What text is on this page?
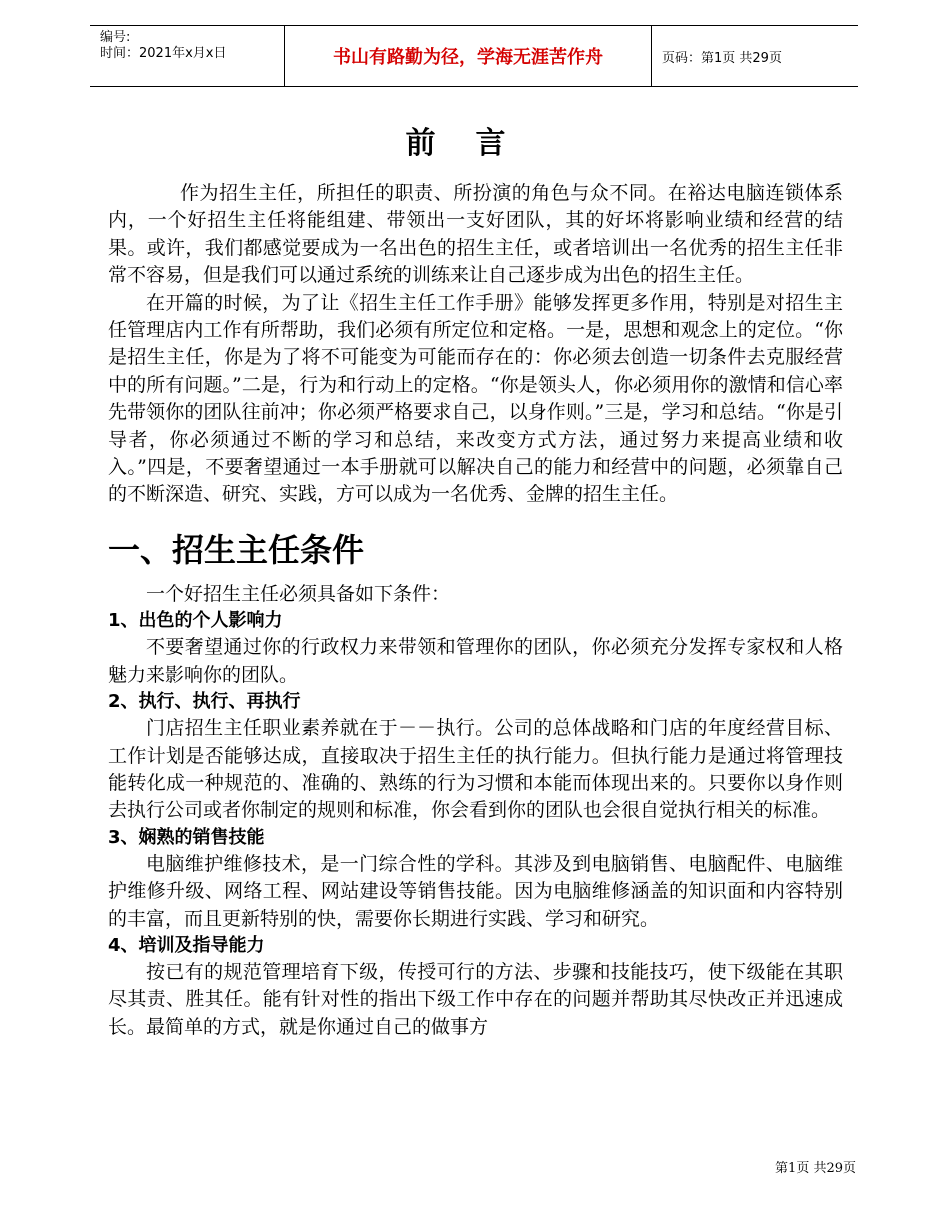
编号:
时间：2021年x月x日	书山有路勤为径，学海无涯苦作舟	页码：第1页 共29页
前言

作为招生主任，所担任的职责、所扮演的角色与众不同。在裕达电脑连锁体系内，一个好招生主任将能组建、带领出一支好团队，其的好坏将影响业绩和经营的结果。或许，我们都感觉要成为一名出色的招生主任，或者培训出一名优秀的招生主任非常不容易，但是我们可以通过系统的训练来让自己逐步成为出色的招生主任。

在开篇的时候，为了让《招生主任工作手册》能够发挥更多作用，特别是对招生主任管理店内工作有所帮助，我们必须有所定位和定格。一是，思想和观念上的定位。“你是招生主任，你是为了将不可能变为可能而存在的：你必须去创造一切条件去克服经营中的所有问题。”二是，行为和行动上的定格。“你是领头人，你必须用你的激情和信心率先带领你的团队往前冲；你必须严格要求自己，以身作则。”三是，学习和总结。“你是引导者，你必须通过不断的学习和总结，来改变方式方法，通过努力来提高业绩和收入。”四是，不要奢望通过一本手册就可以解决自己的能力和经营中的问题，必须靠自己的不断深造、研究、实践，方可以成为一名优秀、金牌的招生主任。

一、招生主任条件

一个好招生主任必须具备如下条件：

1、出色的个人影响力

不要奢望通过你的行政权力来带领和管理你的团队，你必须充分发挥专家权和人格魅力来影响你的团队。

2、执行、执行、再执行

门店招生主任职业素养就在于－－执行。公司的总体战略和门店的年度经营目标、工作计划是否能够达成，直接取决于招生主任的执行能力。但执行能力是通过将管理技能转化成一种规范的、准确的、熟练的行为习惯和本能而体现出来的。只要你以身作则去执行公司或者你制定的规则和标准，你会看到你的团队也会很自觉执行相关的标准。

3、娴熟的销售技能

电脑维护维修技术，是一门综合性的学科。其涉及到电脑销售、电脑配件、电脑维护维修升级、网络工程、网站建设等销售技能。因为电脑维修涵盖的知识面和内容特别的丰富，而且更新特别的快，需要你长期进行实践、学习和研究。

4、培训及指导能力

按已有的规范管理培育下级，传授可行的方法、步骤和技能技巧，使下级能在其职尽其责、胜其任。能有针对性的指出下级工作中存在的问题并帮助其尽快改正并迅速成长。最简单的方式，就是你通过自己的做事方

第1页 共29页
